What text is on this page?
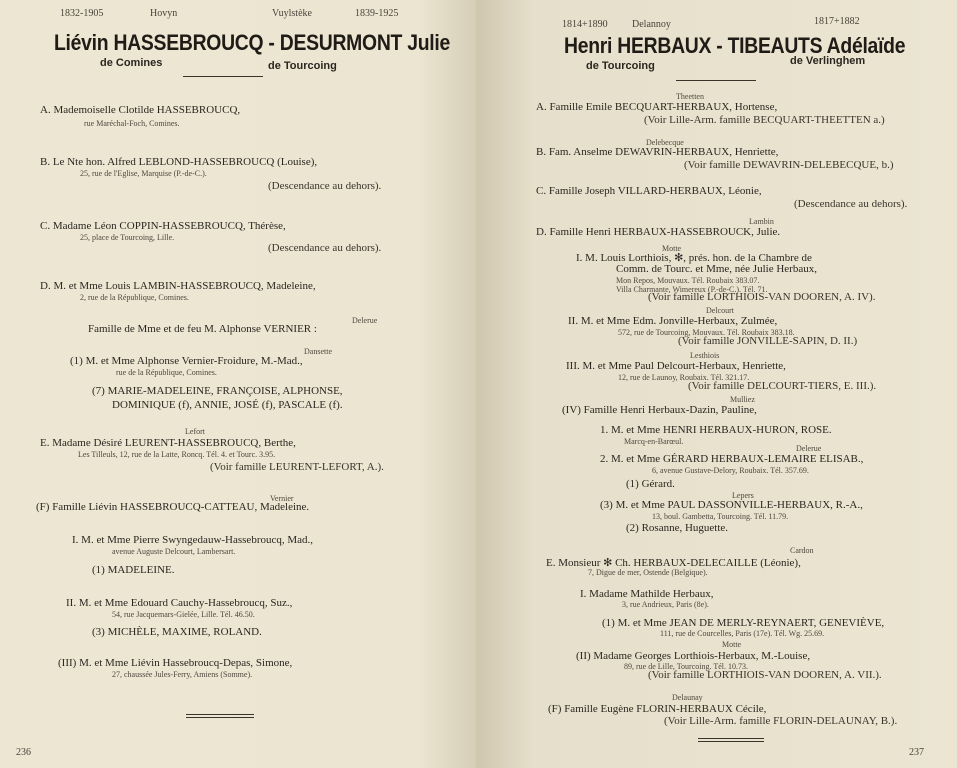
1832-1905	Hovyn	Vuylstèke	1839-1925
Liévin HASSEBROUCQ - DESURMONT Julie
de Comines	de Tourcoing
A. Mademoiselle Clotilde HASSEBROUCQ,
rue Maréchal-Foch, Comines.
B. Le Nte hon. Alfred LEBLOND-HASSEBROUCQ (Louise),
25, rue de l'Eglise, Marquise (P.-de-C.).
(Descendance au dehors).
C. Madame Léon COPPIN-HASSEBROUCQ, Thérèse,
25, place de Tourcoing, Lille.
(Descendance au dehors).
D. M. et Mme Louis LAMBIN-HASSEBROUCQ, Madeleine,
2, rue de la République, Comines.
Delerue
Famille de Mme et de feu M. Alphonse VERNIER :
Dansette
(1) M. et Mme Alphonse Vernier-Froidure, M.-Mad.,
rue de la République, Comines.
(7) MARIE-MADELEINE, FRANÇOISE, ALPHONSE,
DOMINIQUE (f), ANNIE, JOSÉ (f), PASCALE (f).
Lefort
E. Madame Désiré LEURENT-HASSEBROUCQ, Berthe,
Les Tilleuls, 12, rue de la Latte, Roncq. Tél. 4. et Tourc. 3.95.
(Voir famille LEURENT-LEFORT, A.).
Vernier
(F) Famille Liévin HASSEBROUCQ-CATTEAU, Madeleine.
I. M. et Mme Pierre Swyngedauw-Hassebroucq, Mad.,
avenue Auguste Delcourt, Lambersart.
(1) MADELEINE.
II. M. et Mme Edouard Cauchy-Hassebroucq, Suz.,
54, rue Jacquemars-Gielée, Lille. Tél. 46.50.
(3) MICHÈLE, MAXIME, ROLAND.
(III) M. et Mme Liévin Hassebroucq-Depas, Simone,
27, chaussée Jules-Ferry, Amiens (Somme).
236
1814+1890 Delannoy	1817+1882
Henri HERBAUX - TIBEAUTS Adélaïde
de Tourcoing	de Verlinghem
Theetten
A. Famille Emile BECQUART-HERBAUX, Hortense,
(Voir Lille-Arm. famille BECQUART-THEETTEN a.)
Delebecque
B. Fam. Anselme DEWAVRIN-HERBAUX, Henriette,
(Voir famille DEWAVRIN-DELEBECQUE, b.)
C. Famille Joseph VILLARD-HERBAUX, Léonie,
(Descendance au dehors).
Lambin
D. Famille Henri HERBAUX-HASSEBROUCK, Julie.
Motte
I. M. Louis Lorthiois, ✻, prés. hon. de la Chambre de
Comm. de Tourc. et Mme, née Julie Herbaux,
Mon Repos, Mouvaux. Tél. Roubaix 383.07.
Villa Charmante, Wimereux (P.-de-C.). Tél. 71.
(Voir famille LORTHIOIS-VAN DOOREN, A. IV).
Delcourt
II. M. et Mme Edm. Jonville-Herbaux, Zulmée,
572, rue de Tourcoing, Mouvaux. Tél. Roubaix 383.18.
(Voir famille JONVILLE-SAPIN, D. II.)
Lesthiois
III. M. et Mme Paul Delcourt-Herbaux, Henriette,
12, rue de Launoy, Roubaix. Tél. 321.17.
(Voir famille DELCOURT-TIERS, E. III.).
Mulliez
(IV) Famille Henri Herbaux-Dazin, Pauline,
1. M. et Mme HENRI HERBAUX-HURON, ROSE.
Marcq-en-Barœul.
Delerue
2. M. et Mme GÉRARD HERBAUX-LEMAIRE ELISAB.,
6, avenue Gustave-Delory, Roubaix. Tél. 357.69.
(1) Gérard.
Lepers
(3) M. et Mme PAUL DASSONVILLE-HERBAUX, R.-A.,
13, boul. Gambetta, Tourcoing. Tél. 11.79.
(2) Rosanne, Huguette.
Cardon
E. Monsieur ✻ Ch. HERBAUX-DELECAILLE (Léonie),
7, Digue de mer, Ostende (Belgique).
I. Madame Mathilde Herbaux,
3, rue Andrieux, Paris (8e).
(1) M. et Mme JEAN DE MERLY-REYNAERT, GENEVIÈVE,
111, rue de Courcelles, Paris (17e). Tél. Wg. 25.69.
Motte
(II) Madame Georges Lorthiois-Herbaux, M.-Louise,
89, rue de Lille, Tourcoing. Tél. 10.73.
(Voir famille LORTHIOIS-VAN DOOREN, A. VII.).
Delaunay
(F) Famille Eugène FLORIN-HERBAUX Cécile,
(Voir Lille-Arm. famille FLORIN-DELAUNAY, B.).
237
